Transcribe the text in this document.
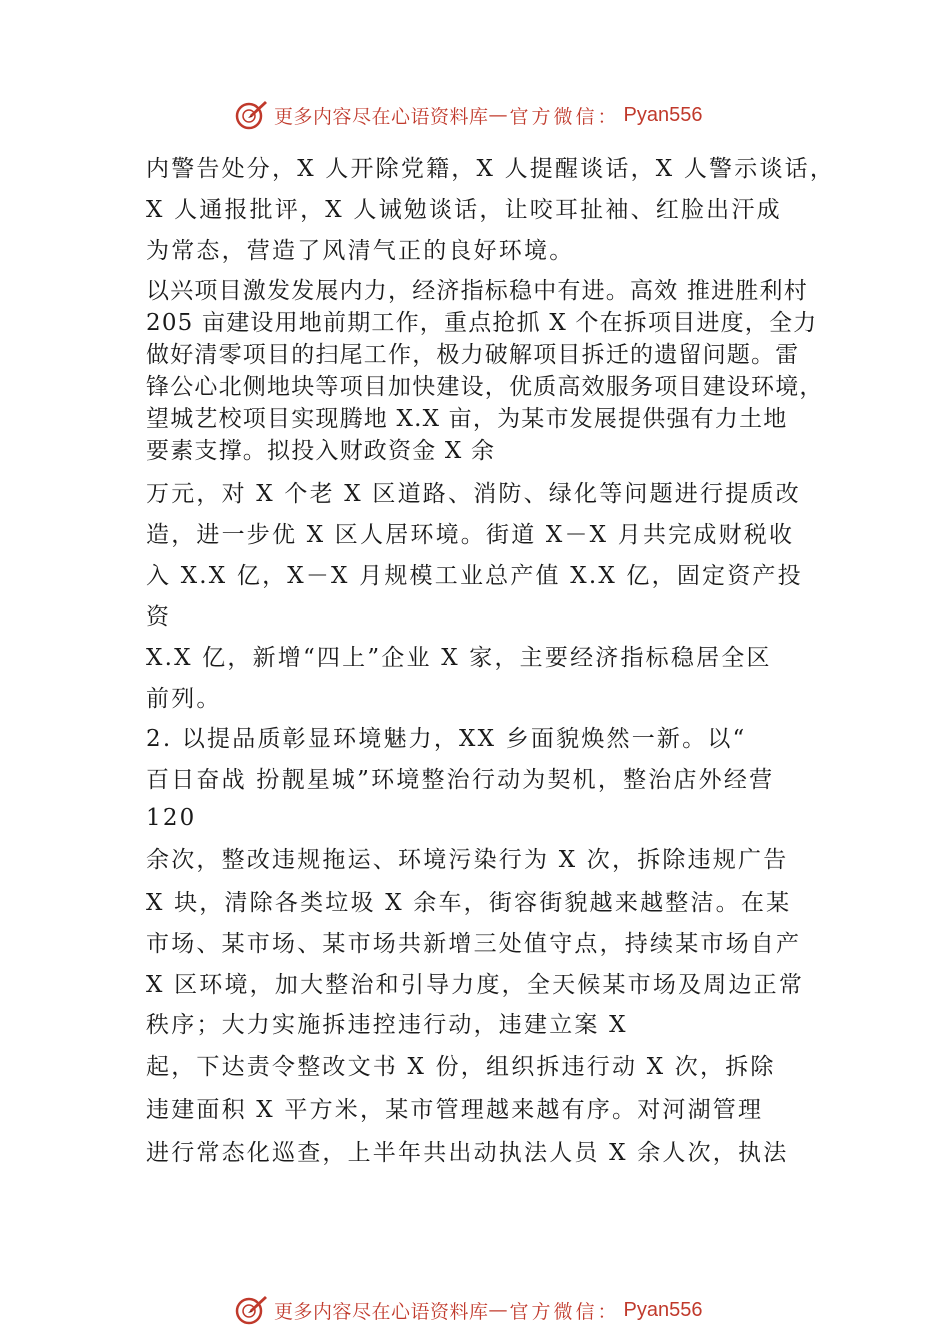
更多内容尽在心语资料库 — 官方微信： Pyan556
内警告处分，X 人开除党籍，X 人提醒谈话，X 人警示谈话，
X 人通报批评，X 人诫勉谈话，让咬耳扯袖、红脸出汗成
为常态，营造了风清气正的良好环境。
以兴项目激发发展内力，经济指标稳中有进。高效 推进胜利村
205 亩建设用地前期工作，重点抢抓 X 个在拆项目进度，全力
做好清零项目的扫尾工作，极力破解项目拆迁的遗留问题。雷
锋公心北侧地块等项目加快建设，优质高效服务项目建设环境，
望城艺校项目实现腾地 X.X 亩，为某市发展提供强有力土地
要素支撑。拟投入财政资金 X 余
万元，对 X 个老 X 区道路、消防、绿化等问题进行提质改
造，进一步优 X 区人居环境。街道 X－X 月共完成财税收
入 X.X 亿，X－X 月规模工业总产值 X.X 亿，固定资产投
资
X.X 亿，新增“四上”企业 X 家，主要经济指标稳居全区
前列。
2. 以提品质彰显环境魅力，XX 乡面貌焕然一新。以“
百日奋战 扮靓星城”环境整治行动为契机，整治店外经营
120
余次，整改违规拖运、环境污染行为 X 次，拆除违规广告
X 块，清除各类垃圾 X 余车，街容街貌越来越整洁。在某
市场、某市场、某市场共新增三处值守点，持续某市场自产
X 区环境，加大整治和引导力度，全天候某市场及周边正常
秩序；大力实施拆违控违行动，违建立案 X
起，下达责令整改文书 X 份，组织拆违行动 X 次，拆除
违建面积 X 平方米，某市管理越来越有序。对河湖管理
进行常态化巡查，上半年共出动执法人员 X 余人次，执法
更多内容尽在心语资料库 — 官方微信： Pyan556
